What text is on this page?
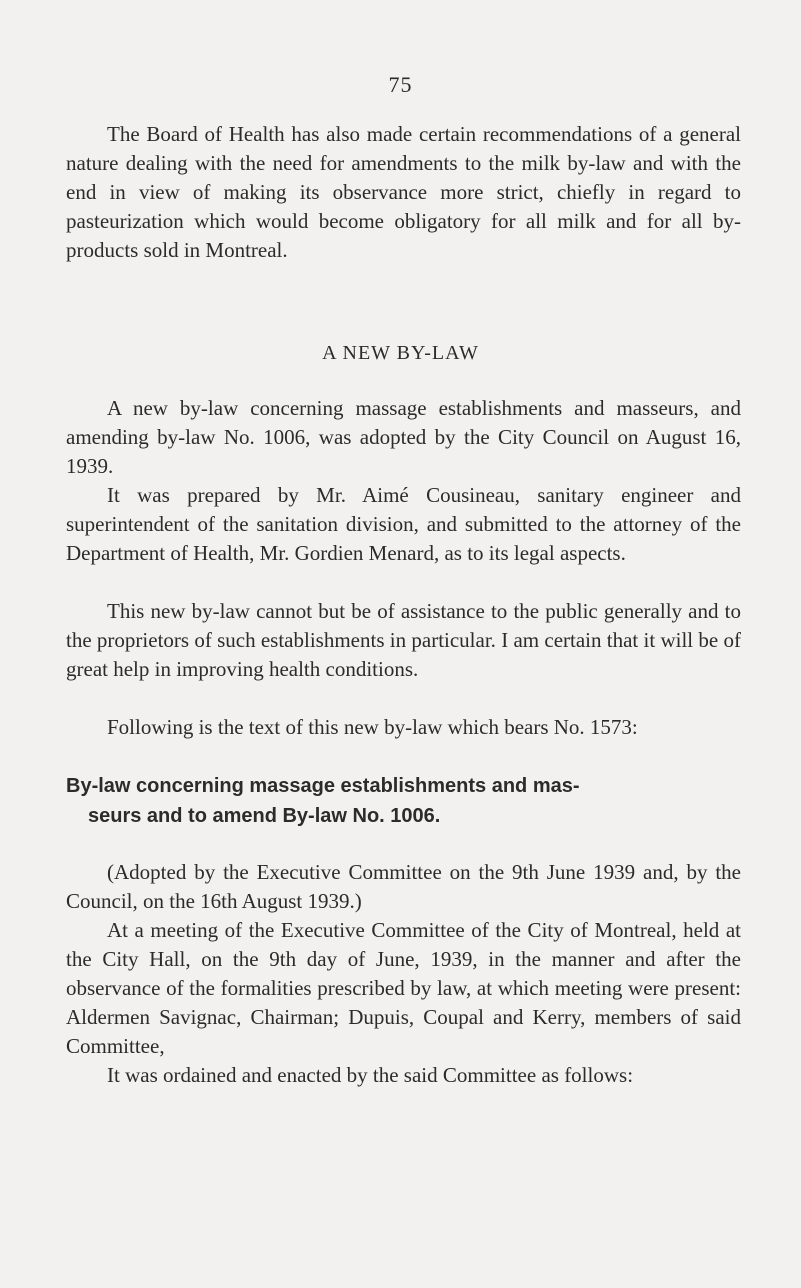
75

The Board of Health has also made certain recommendations of a general nature dealing with the need for amendments to the milk by-law and with the end in view of making its observance more strict, chiefly in regard to pasteurization which would become obligatory for all milk and for all by-products sold in Montreal.

A NEW BY-LAW

A new by-law concerning massage establishments and masseurs, and amending by-law No. 1006, was adopted by the City Council on August 16, 1939.

It was prepared by Mr. Aimé Cousineau, sanitary engineer and superintendent of the sanitation division, and submitted to the attorney of the Department of Health, Mr. Gordien Menard, as to its legal aspects.

This new by-law cannot but be of assistance to the public generally and to the proprietors of such establishments in particular. I am certain that it will be of great help in improving health conditions.

Following is the text of this new by-law which bears No. 1573:

By-law concerning massage establishments and mas-
seurs and to amend By-law No. 1006.

(Adopted by the Executive Committee on the 9th June 1939 and, by the Council, on the 16th August 1939.)

At a meeting of the Executive Committee of the City of Montreal, held at the City Hall, on the 9th day of June, 1939, in the manner and after the observance of the formalities prescribed by law, at which meeting were present: Aldermen Savignac, Chairman; Dupuis, Coupal and Kerry, members of said Committee,

It was ordained and enacted by the said Committee as follows:
